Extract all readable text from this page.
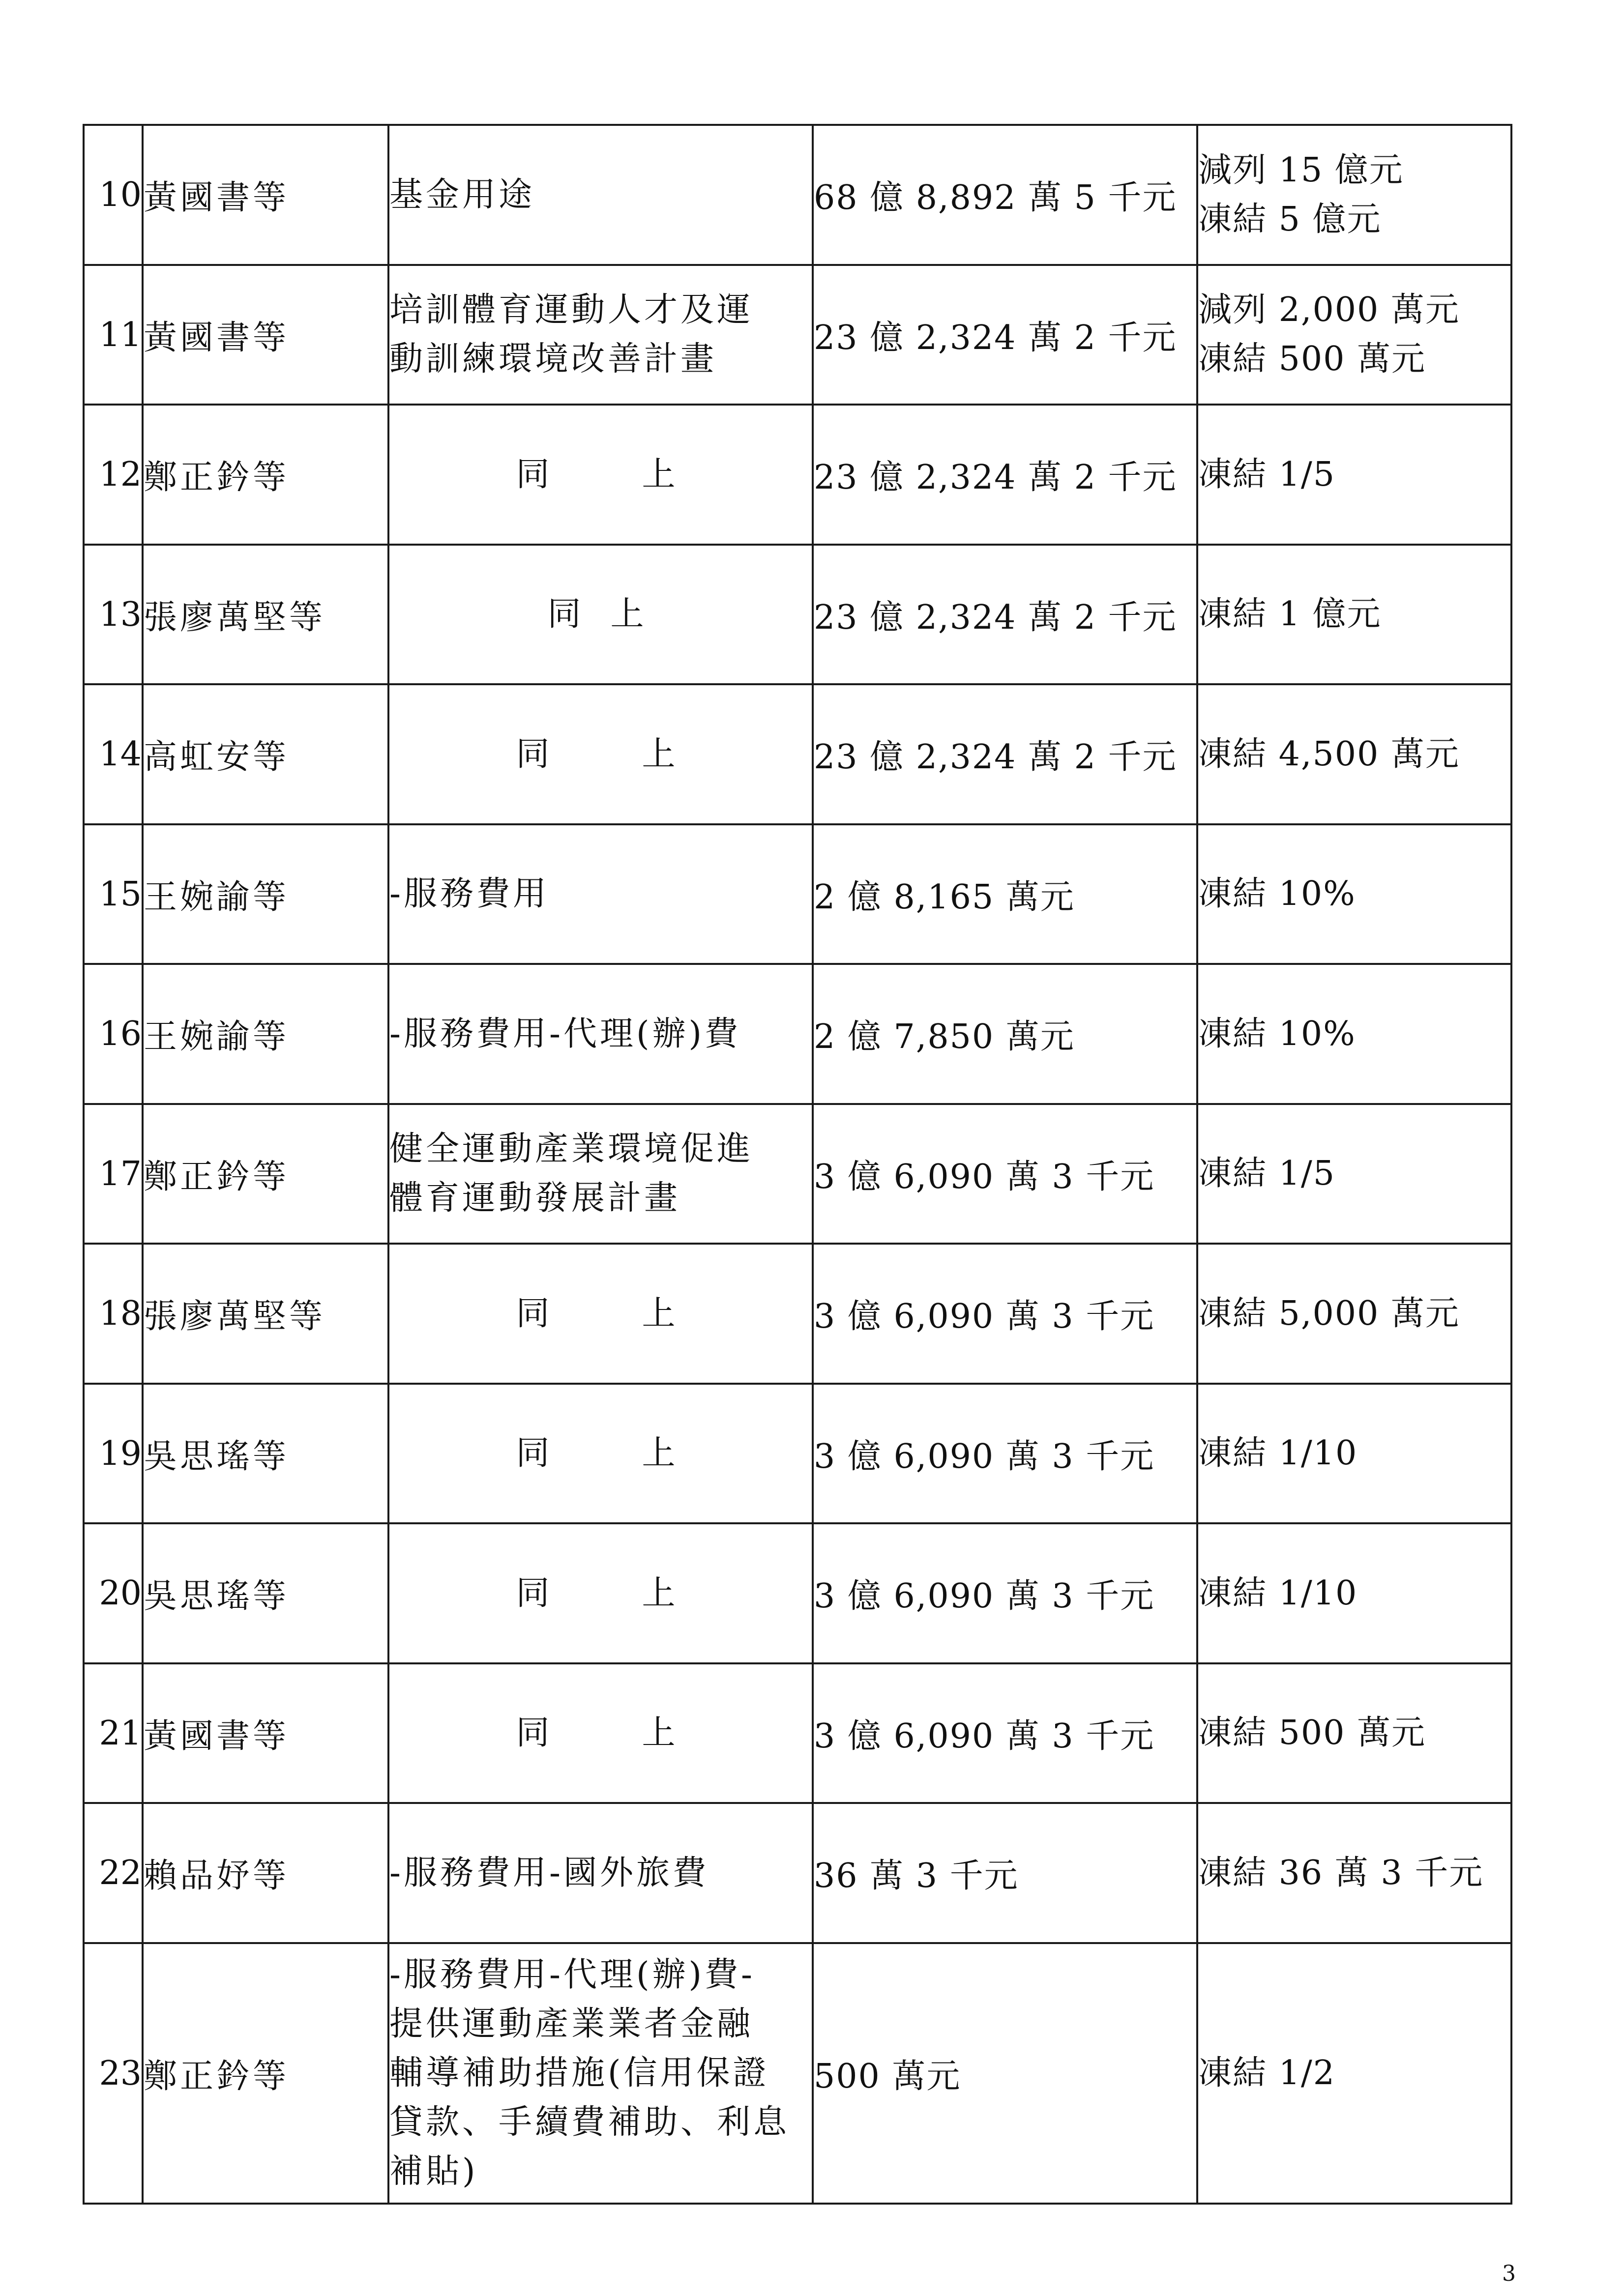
10	黃國書等	基金用途	68 億 8,892 萬 5 千元	減列 15 億元
凍結 5 億元

11	黃國書等	培訓體育運動人才及運
動訓練環境改善計畫	23 億 2,324 萬 2 千元	減列 2,000 萬元
凍結 500 萬元

12	鄭正鈐等	同　上	23 億 2,324 萬 2 千元	凍結 1/5

13	張廖萬堅等	同上	23 億 2,324 萬 2 千元	凍結 1 億元

14	高虹安等	同　上	23 億 2,324 萬 2 千元	凍結 4,500 萬元

15	王婉諭等	-服務費用	2 億 8,165 萬元	凍結 10%

16	王婉諭等	-服務費用-代理(辦)費	2 億 7,850 萬元	凍結 10%

17	鄭正鈐等	健全運動產業環境促進
體育運動發展計畫	3 億 6,090 萬 3 千元	凍結 1/5

18	張廖萬堅等	同　上	3 億 6,090 萬 3 千元	凍結 5,000 萬元

19	吳思瑤等	同　上	3 億 6,090 萬 3 千元	凍結 1/10

20	吳思瑤等	同　上	3 億 6,090 萬 3 千元	凍結 1/10

21	黃國書等	同　上	3 億 6,090 萬 3 千元	凍結 500 萬元

22	賴品妤等	-服務費用-國外旅費	36 萬 3 千元	凍結 36 萬 3 千元

23	鄭正鈐等	-服務費用-代理(辦)費-
提供運動產業業者金融
輔導補助措施(信用保證
貸款、手續費補助、利息
補貼)	500 萬元	凍結 1/2
3
